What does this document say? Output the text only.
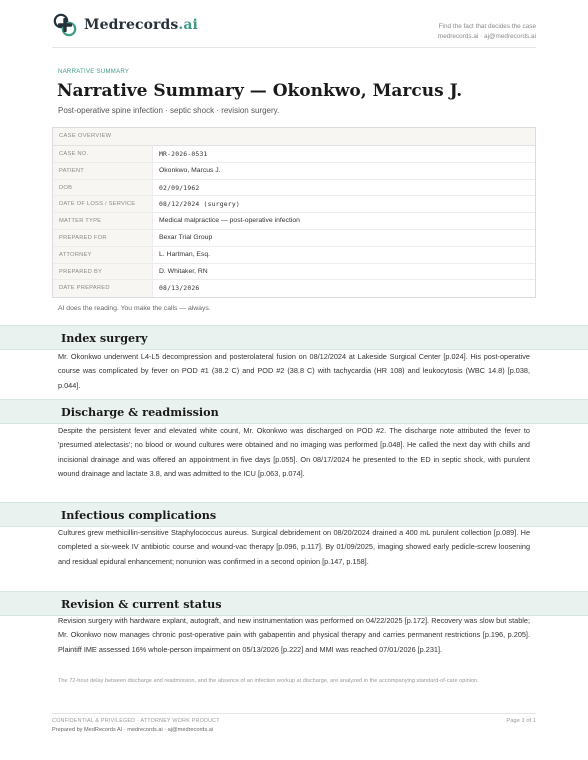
Medrecords.ai	Find the fact that decides the case
medrecords.ai · aj@medrecords.ai
NARRATIVE SUMMARY
Narrative Summary — Okonkwo, Marcus J.
Post-operative spine infection · septic shock · revision surgery.
CASE OVERVIEW
CASE NO.	MR-2026-0531
PATIENT	Okonkwo, Marcus J.
DOB	02/09/1962
DATE OF LOSS / SERVICE	08/12/2024 (surgery)
MATTER TYPE	Medical malpractice — post-operative infection
PREPARED FOR	Bexar Trial Group
ATTORNEY	L. Hartman, Esq.
PREPARED BY	D. Whitaker, RN
DATE PREPARED	08/13/2026
AI does the reading. You make the calls — always.
Index surgery
Mr. Okonkwo underwent L4-L5 decompression and posterolateral fusion on 08/12/2024 at Lakeside Surgical Center [p.024]. His post-operative course was complicated by fever on POD #1 (38.2 C) and POD #2 (38.8 C) with tachycardia (HR 108) and leukocytosis (WBC 14.8) [p.038, p.044].
Discharge & readmission
Despite the persistent fever and elevated white count, Mr. Okonkwo was discharged on POD #2. The discharge note attributed the fever to 'presumed atelectasis'; no blood or wound cultures were obtained and no imaging was performed [p.048]. He called the next day with chills and incisional drainage and was offered an appointment in five days [p.055]. On 08/17/2024 he presented to the ED in septic shock, with purulent wound drainage and lactate 3.8, and was admitted to the ICU [p.063, p.074].
Infectious complications
Cultures grew methicillin-sensitive Staphylococcus aureus. Surgical debridement on 08/20/2024 drained a 400 mL purulent collection [p.089]. He completed a six-week IV antibiotic course and wound-vac therapy [p.096, p.117]. By 01/09/2025, imaging showed early pedicle-screw loosening and residual epidural enhancement; nonunion was confirmed in a second opinion [p.147, p.158].
Revision & current status
Revision surgery with hardware explant, autograft, and new instrumentation was performed on 04/22/2025 [p.172]. Recovery was slow but stable; Mr. Okonkwo now manages chronic post-operative pain with gabapentin and physical therapy and carries permanent restrictions [p.196, p.205]. Plaintiff IME assessed 16% whole-person impairment on 05/13/2026 [p.222] and MMI was reached 07/01/2026 [p.231].
The 72-hour delay between discharge and readmission, and the absence of an infection workup at discharge, are analyzed in the accompanying standard-of-care opinion.
CONFIDENTIAL & PRIVILEGED · ATTORNEY WORK PRODUCT
Prepared by MedRecords AI · medrecords.ai · aj@medrecords.ai
Page 1 of 1
